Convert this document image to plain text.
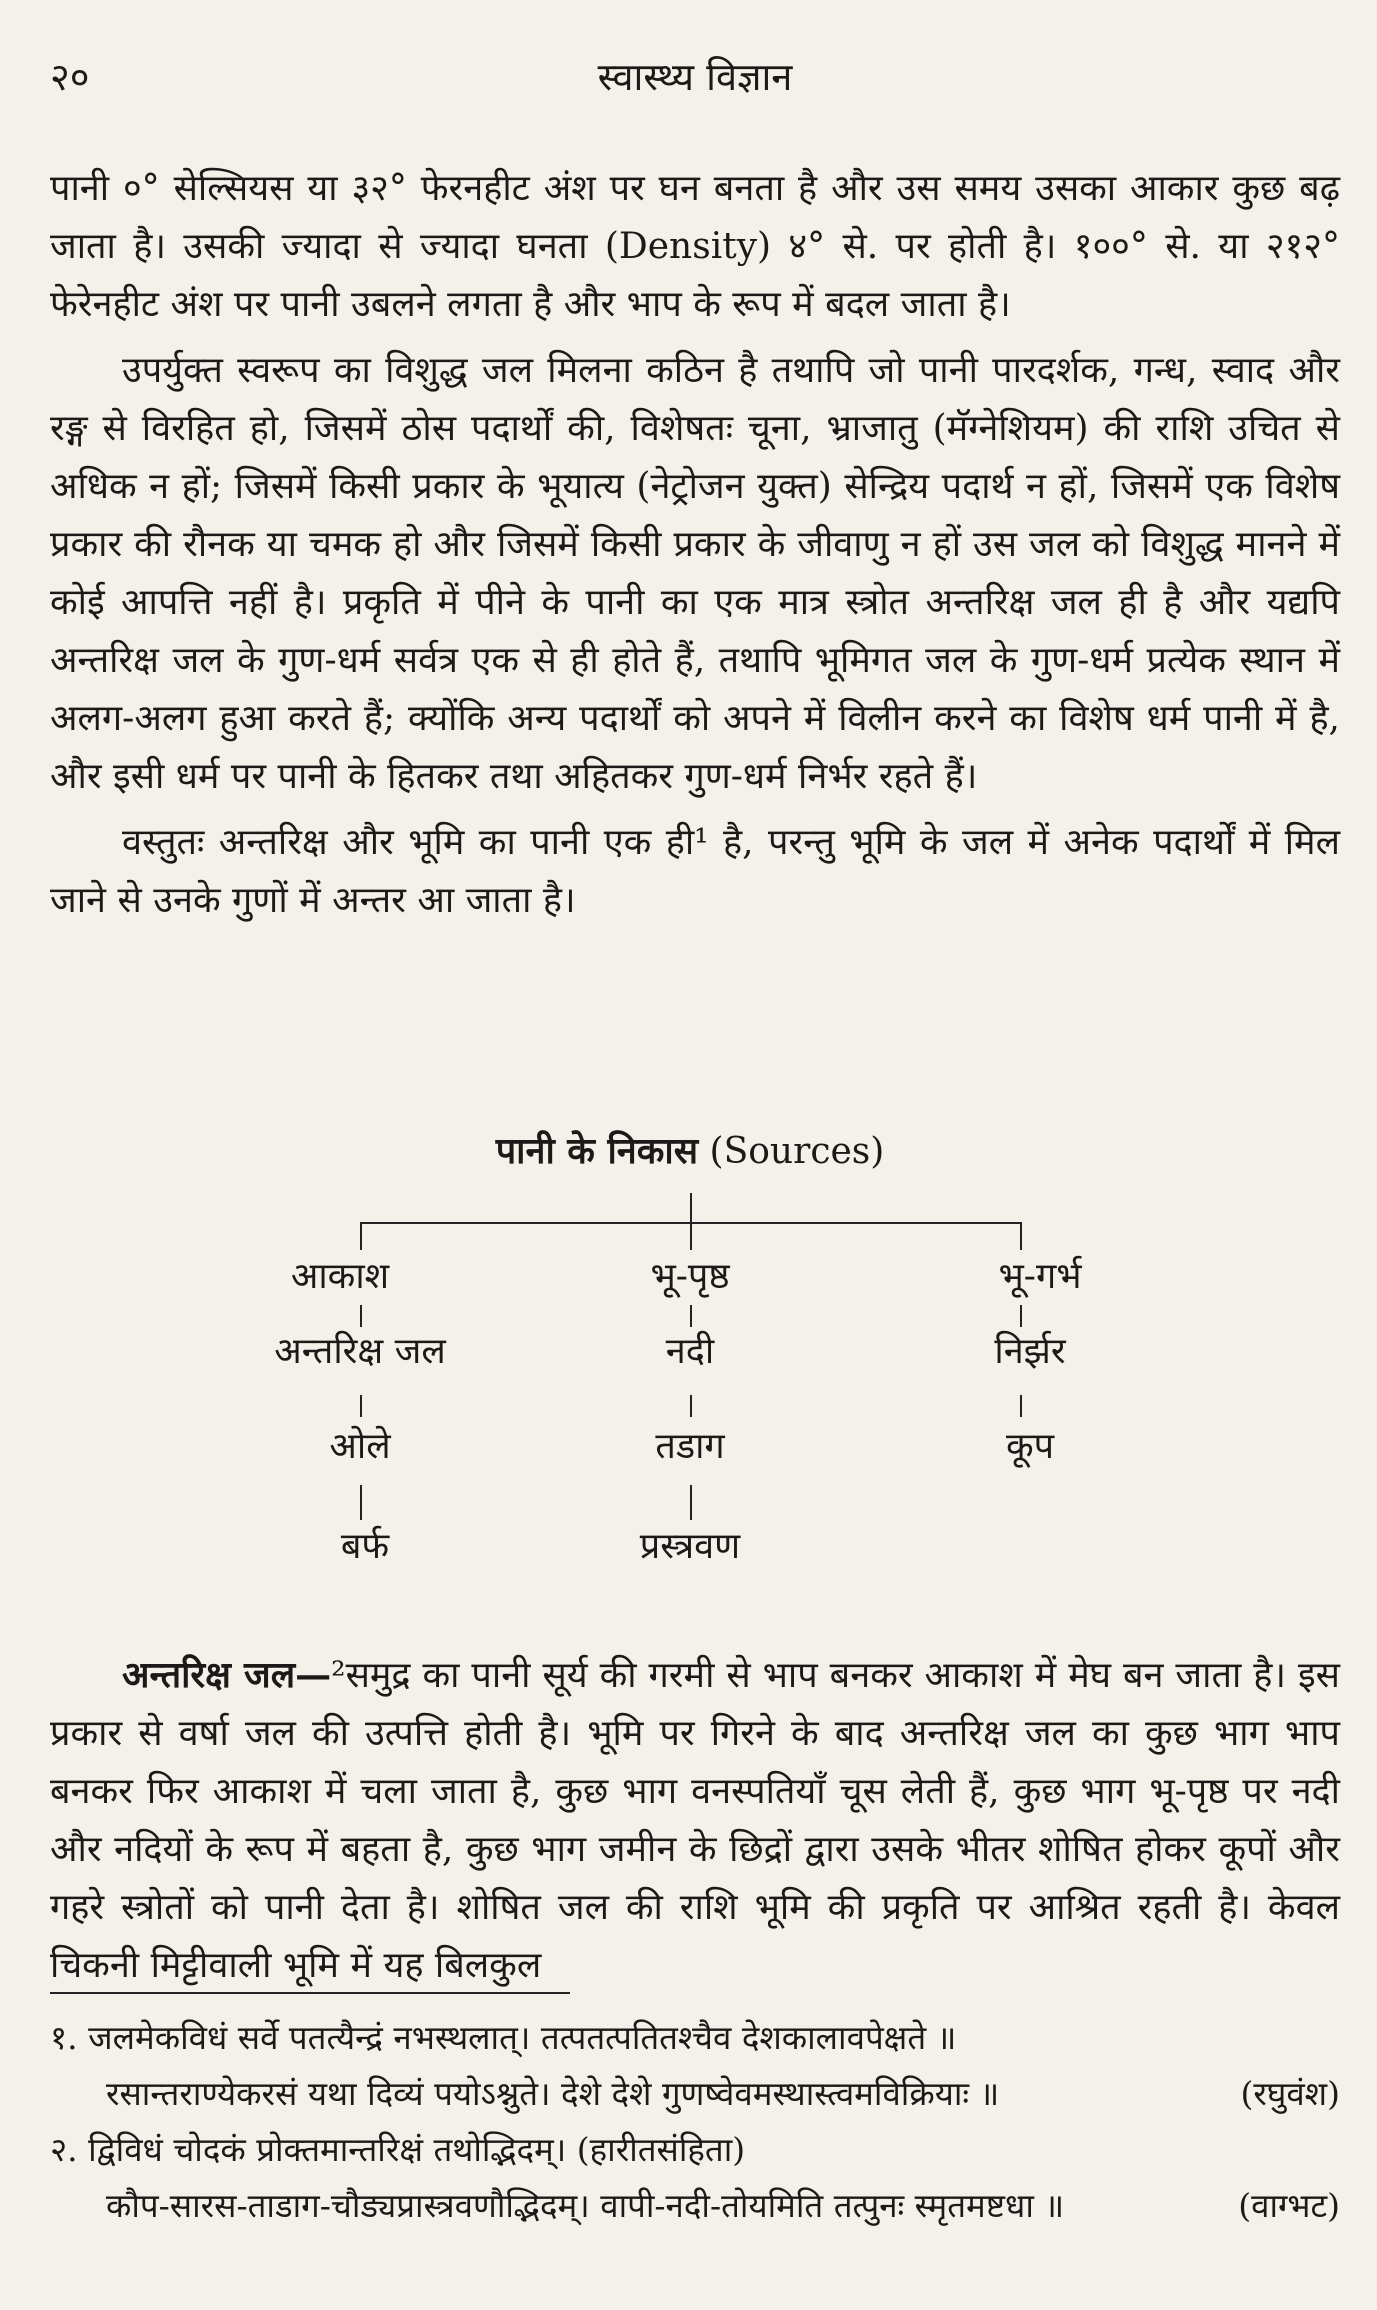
२०	स्वास्थ्य विज्ञान

पानी ०° सेल्सियस या ३२° फेरनहीट अंश पर घन बनता है और उस समय उसका आकार कुछ बढ़ जाता है। उसकी ज्यादा से ज्यादा घनता (Density) ४° से. पर होती है। १००° से. या २१२° फेरेनहीट अंश पर पानी उबलने लगता है और भाप के रूप में बदल जाता है।

उपर्युक्त स्वरूप का विशुद्ध जल मिलना कठिन है तथापि जो पानी पारदर्शक, गन्ध, स्वाद और रङ्ग से विरहित हो, जिसमें ठोस पदार्थों की, विशेषतः चूना, भ्राजातु (मॅग्नेशियम) की राशि उचित से अधिक न हों; जिसमें किसी प्रकार के भूयात्य (नेट्रोजन युक्त) सेन्द्रिय पदार्थ न हों, जिसमें एक विशेष प्रकार की रौनक या चमक हो और जिसमें किसी प्रकार के जीवाणु न हों उस जल को विशुद्ध मानने में कोई आपत्ति नहीं है। प्रकृति में पीने के पानी का एक मात्र स्त्रोत अन्तरिक्ष जल ही है और यद्यपि अन्तरिक्ष जल के गुण-धर्म सर्वत्र एक से ही होते हैं, तथापि भूमिगत जल के गुण-धर्म प्रत्येक स्थान में अलग-अलग हुआ करते हैं; क्योंकि अन्य पदार्थों को अपने में विलीन करने का विशेष धर्म पानी में है, और इसी धर्म पर पानी के हितकर तथा अहितकर गुण-धर्म निर्भर रहते हैं।

वस्तुतः अन्तरिक्ष और भूमि का पानी एक ही¹ है, परन्तु भूमि के जल में अनेक पदार्थों में मिल जाने से उनके गुणों में अन्तर आ जाता है।

पानी के निकास (Sources)
आकाश
अन्तरिक्ष जल
ओले
बर्फ
भू-पृष्ठ
नदी
तडाग
प्रस्त्रवण
भू-गर्भ
निर्झर
कूप

अन्तरिक्ष जल—²समुद्र का पानी सूर्य की गरमी से भाप बनकर आकाश में मेघ बन जाता है। इस प्रकार से वर्षा जल की उत्पत्ति होती है। भूमि पर गिरने के बाद अन्तरिक्ष जल का कुछ भाग भाप बनकर फिर आकाश में चला जाता है, कुछ भाग वनस्पतियाँ चूस लेती हैं, कुछ भाग भू-पृष्ठ पर नदी और नदियों के रूप में बहता है, कुछ भाग जमीन के छिद्रों द्वारा उसके भीतर शोषित होकर कूपों और गहरे स्त्रोतों को पानी देता है। शोषित जल की राशि भूमि की प्रकृति पर आश्रित रहती है। केवल चिकनी मिट्टीवाली भूमि में यह बिलकुल

१. जलमेकविधं सर्वे पतत्यैन्द्रं नभस्थलात्। तत्पतत्पतितश्चैव देशकालावपेक्षते ॥
रसान्तराण्येकरसं यथा दिव्यं पयोऽश्नुते। देशे देशे गुणष्वेवमस्थास्त्वमविक्रियाः ॥	(रघुवंश)
२. द्विविधं चोदकं प्रोक्तमान्तरिक्षं तथोद्भिदम्। (हारीतसंहिता)
कौप-सारस-ताडाग-चौड्यप्रास्त्रवणौद्भिदम्। वापी-नदी-तोयमिति तत्पुनः स्मृतमष्टधा ॥	(वाग्भट)
